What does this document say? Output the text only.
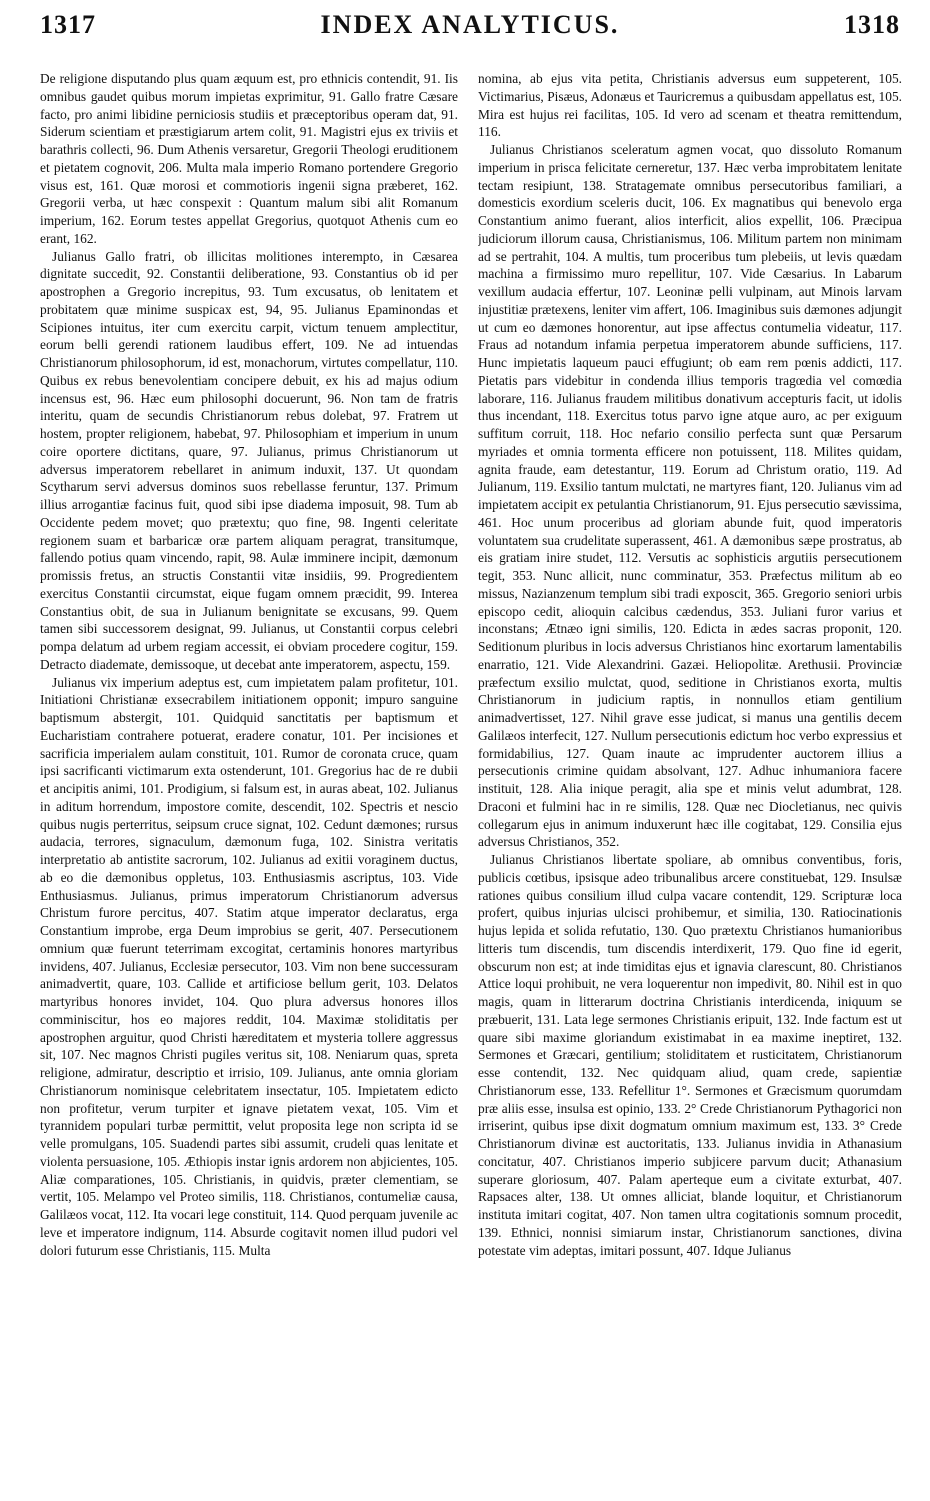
1317	INDEX ANALYTICUS.	1318

De religione disputando plus quam æquum est, pro ethnicis contendit, 91. Iis omnibus gaudet quibus morum impietas exprimitur, 91. Gallo fratre Cæsare facto, pro animi libidine perniciosis studiis et præceptoribus operam dat, 91. Siderum scientiam et præstigiarum artem colit, 91. Magistri ejus ex triviis et barathris collecti, 96. Dum Athenis versaretur, Gregorii Theologi eruditionem et pietatem cognovit, 206. Multa mala imperio Romano portendere Gregorio visus est, 161. Quæ morosi et commotioris ingenii signa præberet, 162. Gregorii verba, ut hæc conspexit : Quantum malum sibi alit Romanum imperium, 162. Eorum testes appellat Gregorius, quotquot Athenis cum eo erant, 162.

Julianus Gallo fratri, ob illicitas molitiones interempto, in Cæsarea dignitate succedit, 92. Constantii deliberatione, 93. Constantius ob id per apostrophen a Gregorio increpitus, 93. Tum excusatus, ob lenitatem et probitatem quæ minime suspicax est, 94, 95. Julianus Epaminondas et Scipiones intuitus, iter cum exercitu carpit, victum tenuem amplectitur, eorum belli gerendi rationem laudibus effert, 109. Ne ad intuendas Christianorum philosophorum, id est, monachorum, virtutes compellatur, 110. Quibus ex rebus benevolentiam concipere debuit, ex his ad majus odium incensus est, 96. Hæc eum philosophi docuerunt, 96. Non tam de fratris interitu, quam de secundis Christianorum rebus dolebat, 97. Fratrem ut hostem, propter religionem, habebat, 97. Philosophiam et imperium in unum coire oportere dictitans, quare, 97. Julianus, primus Christianorum ut adversus imperatorem rebellaret in animum induxit, 137. Ut quondam Scytharum servi adversus dominos suos rebellasse feruntur, 137. Primum illius arrogantiæ facinus fuit, quod sibi ipse diadema imposuit, 98. Tum ab Occidente pedem movet; quo prætextu; quo fine, 98. Ingenti celeritate regionem suam et barbaricæ oræ partem aliquam peragrat, transitumque, fallendo potius quam vincendo, rapit, 98. Aulæ imminere incipit, dæmonum promissis fretus, an structis Constantii vitæ insidiis, 99. Progredientem exercitus Constantii circumstat, eique fugam omnem præcidit, 99. Interea Constantius obit, de sua in Julianum benignitate se excusans, 99. Quem tamen sibi successorem designat, 99. Julianus, ut Constantii corpus celebri pompa delatum ad urbem regiam accessit, ei obviam procedere cogitur, 159. Detracto diademate, demissoque, ut decebat ante imperatorem, aspectu, 159.

Julianus vix imperium adeptus est, cum impietatem palam profitetur, 101. Initiationi Christianæ exsecrabilem initiationem opponit; impuro sanguine baptismum abstergit, 101. Quidquid sanctitatis per baptismum et Eucharistiam contrahere potuerat, eradere conatur, 101. Per incisiones et sacrificia imperialem aulam constituit, 101. Rumor de coronata cruce, quam ipsi sacrificanti victimarum exta ostenderunt, 101. Gregorius hac de re dubii et ancipitis animi, 101. Prodigium, si falsum est, in auras abeat, 102. Julianus in aditum horrendum, impostore comite, descendit, 102. Spectris et nescio quibus nugis perterritus, seipsum cruce signat, 102. Cedunt dæmones; rursus audacia, terrores, signaculum, dæmonum fuga, 102. Sinistra veritatis interpretatio ab antistite sacrorum, 102. Julianus ad exitii voraginem ductus, ab eo die dæmonibus oppletus, 103. Enthusiasmis ascriptus, 103. Vide Enthusiasmus. Julianus, primus imperatorum Christianorum adversus Christum furore percitus, 407. Statim atque imperator declaratus, erga Constantium improbe, erga Deum improbius se gerit, 407. Persecutionem omnium quæ fuerunt teterrimam excogitat, certaminis honores martyribus invidens, 407. Julianus, Ecclesiæ persecutor, 103. Vim non bene successuram animadvertit, quare, 103. Callide et artificiose bellum gerit, 103. Delatos martyribus honores invidet, 104. Quo plura adversus honores illos comminiscitur, hos eo majores reddit, 104. Maximæ stoliditatis per apostrophen arguitur, quod Christi hæreditatem et mysteria tollere aggressus sit, 107. Nec magnos Christi pugiles veritus sit, 108. Neniarum quas, spreta religione, admiratur, descriptio et irrisio, 109. Julianus, ante omnia gloriam Christianorum nominisque celebritatem insectatur, 105. Impietatem edicto non profitetur, verum turpiter et ignave pietatem vexat, 105. Vim et tyrannidem populari turbæ permittit, velut proposita lege non scripta id se velle promulgans, 105. Suadendi partes sibi assumit, crudeli quas lenitate et violenta persuasione, 105. Æthiopis instar ignis ardorem non abjicientes, 105. Aliæ comparationes, 105. Christianis, in quidvis, præter clementiam, se vertit, 105. Melampo vel Proteo similis, 118. Christianos, contumeliæ causa, Galilæos vocat, 112. Ita vocari lege constituit, 114. Quod perquam juvenile ac leve et imperatore indignum, 114. Absurde cogitavit nomen illud pudori vel dolori futurum esse Christianis, 115. Multa

nomina, ab ejus vita petita, Christianis adversus eum suppeterent, 105. Victimarius, Pisæus, Adonæus et Tauricremus a quibusdam appellatus est, 105. Mira est hujus rei facilitas, 105. Id vero ad scenam et theatra remittendum, 116.

Julianus Christianos sceleratum agmen vocat, quo dissoluto Romanum imperium in prisca felicitate cerneretur, 137. Hæc verba improbitatem lenitate tectam resipiunt, 138. Stratagemate omnibus persecutoribus familiari, a domesticis exordium sceleris ducit, 106. Ex magnatibus qui benevolo erga Constantium animo fuerant, alios interficit, alios expellit, 106. Præcipua judiciorum illorum causa, Christianismus, 106. Militum partem non minimam ad se pertrahit, 104. A multis, tum proceribus tum plebeiis, ut levis quædam machina a firmissimo muro repellitur, 107. Vide Cæsarius. In Labarum vexillum audacia effertur, 107. Leoninæ pelli vulpinam, aut Minois larvam injustitiæ prætexens, leniter vim affert, 106. Imaginibus suis dæmones adjungit ut cum eo dæmones honorentur, aut ipse affectus contumelia videatur, 117. Fraus ad notandum infamia perpetua imperatorem abunde sufficiens, 117. Hunc impietatis laqueum pauci effugiunt; ob eam rem pœnis addicti, 117. Pietatis pars videbitur in condenda illius temporis tragœdia vel comœdia laborare, 116. Julianus fraudem militibus donativum accepturis facit, ut idolis thus incendant, 118. Exercitus totus parvo igne atque auro, ac per exiguum suffitum corruit, 118. Hoc nefario consilio perfecta sunt quæ Persarum myriades et omnia tormenta efficere non potuissent, 118. Milites quidam, agnita fraude, eam detestantur, 119. Eorum ad Christum oratio, 119. Ad Julianum, 119. Exsilio tantum mulctati, ne martyres fiant, 120. Julianus vim ad impietatem accipit ex petulantia Christianorum, 91. Ejus persecutio sævissima, 461. Hoc unum proceribus ad gloriam abunde fuit, quod imperatoris voluntatem sua crudelitate superassent, 461. A dæmonibus sæpe prostratus, ab eis gratiam inire studet, 112. Versutis ac sophisticis argutiis persecutionem tegit, 353. Nunc allicit, nunc comminatur, 353. Præfectus militum ab eo missus, Nazianzenum templum sibi tradi exposcit, 365. Gregorio seniori urbis episcopo cedit, alioquin calcibus cædendus, 353. Juliani furor varius et inconstans; Ætnæo igni similis, 120. Edicta in ædes sacras proponit, 120. Seditionum pluribus in locis adversus Christianos hinc exortarum lamentabilis enarratio, 121. Vide Alexandrini. Gazæi. Heliopolitæ. Arethusii. Provinciæ præfectum exsilio mulctat, quod, seditione in Christianos exorta, multis Christianorum in judicium raptis, in nonnullos etiam gentilium animadvertisset, 127. Nihil grave esse judicat, si manus una gentilis decem Galilæos interfecit, 127. Nullum persecutionis edictum hoc verbo expressius et formidabilius, 127. Quam inautе ac imprudenter auctorem illius a persecutionis crimine quidam absolvant, 127. Adhuc inhumaniora facere instituit, 128. Alia inique peragit, alia spe et minis velut adumbrat, 128. Draconi et fulmini hac in re similis, 128. Quæ nec Diocletianus, nec quivis collegarum ejus in animum induxerunt hæc ille cogitabat, 129. Consilia ejus adversus Christianos, 352.

Julianus Christianos libertate spoliare, ab omnibus conventibus, foris, publicis cœtibus, ipsisque adeo tribunalibus arcere constituebat, 129. Insulsæ rationes quibus consilium illud culpa vacare contendit, 129. Scripturæ loca profert, quibus injurias ulcisci prohibemur, et similia, 130. Ratiocinationis hujus lepida et solida refutatio, 130. Quo prætextu Christianos humanioribus litteris tum discendis, tum discendis interdixerit, 179. Quo fine id egerit, obscurum non est; at inde timiditas ejus et ignavia clarescunt, 80. Christianos Attice loqui prohibuit, ne vera loquerentur non impedivit, 80. Nihil est in quo magis, quam in litterarum doctrina Christianis interdicenda, iniquum se præbuerit, 131. Lata lege sermones Christianis eripuit, 132. Inde factum est ut quare sibi maxime gloriandum existimabat in ea maxime ineptiret, 132. Sermones et Græcari, gentilium; stoliditatem et rusticitatem, Christianorum esse contendit, 132. Nec quidquam aliud, quam crede, sapientiæ Christianorum esse, 133. Refellitur 1°. Sermones et Græcismum quorumdam præ aliis esse, insulsa est opinio, 133. 2° Crede Christianorum Pythagorici non irriserint, quibus ipse dixit dogmatum omnium maximum est, 133. 3° Crede Christianorum divinæ est auctoritatis, 133. Julianus invidia in Athanasium concitatur, 407. Christianos imperio subjicere parvum ducit; Athanasium superare gloriosum, 407. Palam aperteque eum a civitate exturbat, 407. Rapsaces alter, 138. Ut omnes alliciat, blande loquitur, et Christianorum instituta imitari cogitat, 407. Non tamen ultra cogitationis somnum procedit, 139. Ethnici, nonnisi simiarum instar, Christianorum sanctiones, divina potestate vim adeptas, imitari possunt, 407. Idque Julianus
